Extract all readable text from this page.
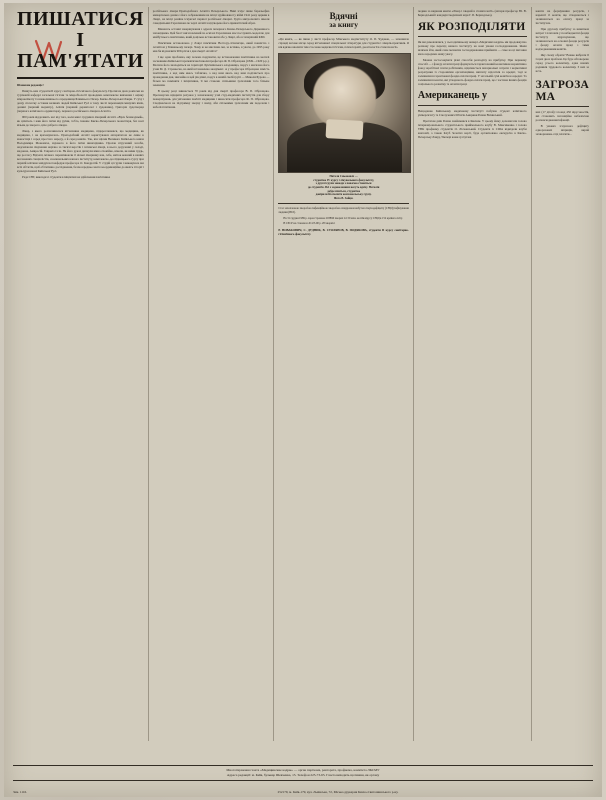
ПИШАТИСЯ
І ПАМ'ЯТАТИ

Шановна редакціє!

Пишуть вам студенти II курсу санітарно-гігієнічного факультету. Протягом двох років ми на гуртковій кафедрі загальної гігієни та мікробіології проводимо комплексне вивчення і оцінку мікроклімату та навколишнього середовища Ближнього Печер. Києво-Печерської Лаври. У суху і дощу спочатку останки великих людей Київської Русі в тому числі переможців минулих віків, донині (перший медиатр), Аліпія (перший дерматолог і художник), Григорія чудотворця (першого клінічного ординатора), першого російського лікаря в Агапіта.

900 років віддаляють нас від того, коли жив і трудився лікарний Агапіт. «Врач безмездный», як цілитель і жив його ім'ям від руїни, тобто, інакше Києво-Печерського монастиря, без волі візьме до хворого, ціле доброго лікаря.

Лікар, з якого розпочиналася вітчизняна медицина, підкреслювався, що медицина, як медицина, і не враховувалась. Преподобний Агапіт користувався авторитетом не лише в монастирі і серед простого народу, а й серед князів. Так, він зцілив Великого Київського князя Володимира Мономаха, відомого в його ім'ям винахідника. Прохав втручаний засоби, надсилаючи лікування нарізно за тисячі верстів і латинські лікарі, в нього дорученні у складі, мадонна, Амвросій. Гаврила та ін. На його руках дихнули вікна спокійно, ніколи, як ними грудь, що росли у Відхапі, мілкого перемінюючи ті вільні лікарняну нав, себе, квіток кожний в наших веслованих спеціалістів, очолювальних нашого інституту, комплексно-дослідницького гурту при першій клітини завідуючої кафедри професора О. Кондратій. У студій ці групи і виковувала ми всіх об'єктів, щоб об'єктивно дослідження, безпосередньо маєте координаційне до якоїсь історії і культури нашої Київської Русі.

Рада СНТ, викладач і студенти в ініціативі на здійснення пам'ятника

російського лікаря Преподобного Агапіта Печерського. Нині існує лише барельєфна меморіальна дошка з його зображенням на місці зруйнованої у війні 1941 року церкви в Лаврі, на місці раніше існуючої першої російської лікарні. Група митрополита школи самодіяльних Герасимова по черзі Агапіта відтворено його прижиттєвий образ.

Минають останні завершування з адреси печерного Києво-Печерського Державного заповідника. Цей бюст виготовлений по ескізах Герасимова має послужить моделлю для майбутнього пам'ятника, який доцільно встановити або у Лаврі, або в теперішній КМІ.

Пам'ятник встановлено у Лаврі пам'ятник Нестору-літописцю, який повністю з Агапітом у Ближньому печері. Чому ж не мислимо ми, за всіляко, в уваги, до 1995 року мав би відзначити 900-річчя з дня смерті Агапіта?

І ще одна проблема, яку хочемо порушити, це встановлення пам'ятника на могилі засновника Київської терапевтичної школи професора Ф. П. Образцова (1849—1920 р.р.). Могила його знаходиться на території Лук'янівського кладовища, поруч з могилою його учня М. Д. Стражеска, на якій встановлено монумент. А у професора Образцова замість пам'ятника, а над ним якась табличка, а над ним якась над ним поділяється про проведення дня, звичайно в цей рік рівні, поруч в нашій своїй групі — Миколи Бурова — більш ма поміняти і ініціативна, її ми станемо спільними зусиллями того більше зекавами.

В цьому році зминається 70 років від дня смерті професора В. П. Образцова. Пропонуємо відкрити рахунок у зазначеному учні студ-медичних інститутів для збору пожертвувань для увічнення пам'яті медицини і виносити професора Ф. П. Образцова. Сподіваємося на підтримку зверху і знизу, аби спільними зусиллями ми подолали і наболілі питання.

Вдячні
за книгу

«Ця книга, — як пише у листі професор Мінського медінституту О. П. Чудаков, — заповнила справді вагоме місце серед вітчизняної спеціальної літератури для студентів і лікарів-практиків. Я вів вдячно ввалити тим стосовно медичної гігієни, психотерапії, деонтології в стоматології»

Наталя Сньоковач —
студентка IV курсу і лікувального факультету,
з другої групи завжди з повагою ставиться
до студентів. Всі з задоволенням несуть вдячу. Наталія
добре вчиться, студентка
довірили їй очолити комсомольську групу.
Фото В. Зайця.

Стає захопленою хворобою інфекційною хворобою синдромом набутого імунодефіциту (СНІД) інфікування людини (ВІЛ).

На 31 грудня 1989 р. зареєстровано 203890 хворих із 150 млн. носіїв вірусу СНІД в 152 країнах світу.

В СРСР на станом на 01.03.90 р. 28 хворих і

Р. НОВАКОВИЧ, С. ДУДНИК, В. СТОЛЯРОВ, В. ПОДЯКОВА, студенти II курсу санітарно-гігієнічного факультету.

подяка за видання книги «Лікар і хворий в стоматології» (автори професор Ю. В. Бернадський і кандидат медичних наук Г. П. Бернадська).

ЯК РОЗПОДІЛЯТИ

Як ми домовлялися, у сьогоднішньому номері «Медичних кадрів» ми продовжуємо розмову про перехід нашого інституту на нові умови господарювання. Яким шляхом йти, який саме механізм господарювання прийняти — саме на ці питання ми зосередимо нашу увагу.

Можна застосовувати різні способи розподілу на прибутку. При першому способі — з фонду оплати праці формуються гарантований колективом нормативно фонд заробітної плати робітників, віднімається материальні затрати і нормативні розрахунки із сторонніми організаціями, виплату відсотків за кредит, тоді ж залишилися гарантовані фонди оплати праці. У загальній сумі коштів на кредит. Та залишилися кошти, які утворюють фонди оплати праці, це є частина інших фондів соціального розвитку та оплати праці.

Американець у

Нещодавно Київському медичному інституті побував студент клінічного університету та Сполучених Штатів Америки Роман Вілянський.

Протягом днів Роман знайомився в Києвом. У цьому йому допомагали голова інтернаціонального студентського приймального клубу В. Максименко і голова УВК профкому студентів О. Лісковський. Студенти із США відвідали клуби анатомії, а також Клуб Золотих воріт, буде організовано екскурсію в Києво-Печерську Лавру, Увечері юнак зустрічав

кошти на формування ресурсів, і нарешті ті кошти, що створюються і залишаються на оплату праці за інститутом.

При другому прибутку за винятком витрат і платежів у позабюджетні фонди інституту відрахування, що залишаються на основні фонди ресурсів і фонду оплати праці з тими надходженнями коштів.

Яку схему обрати? Важко вибрати її із цих двох проблем. Це буде обговорено серед усього колективу, адже наших радників трудового колективу. З них за вста-

ЗАГРОЗА МА

них (17 дітей) і понад 450 вірусоносіїв, які становить потенційно небезпечне розповсюдження інфекції.

В умовах існуючого дефіциту одноразових шприців, вкрай захворювань слід платити...

Многотиражная газета «Медицинские кадры» — орган парткома, ректората, профкома, комитета ЛКСМУ
Адреса редакції: м. Київ, бульвар Шевченка, 13. Телефон 225-73-65. Газета виходить щотижня, як органу
Зам. 1116.	252179, м. Київ-179, вул. Львівська, 72, Міська друкарня Києво-Святошинського р-ну.
